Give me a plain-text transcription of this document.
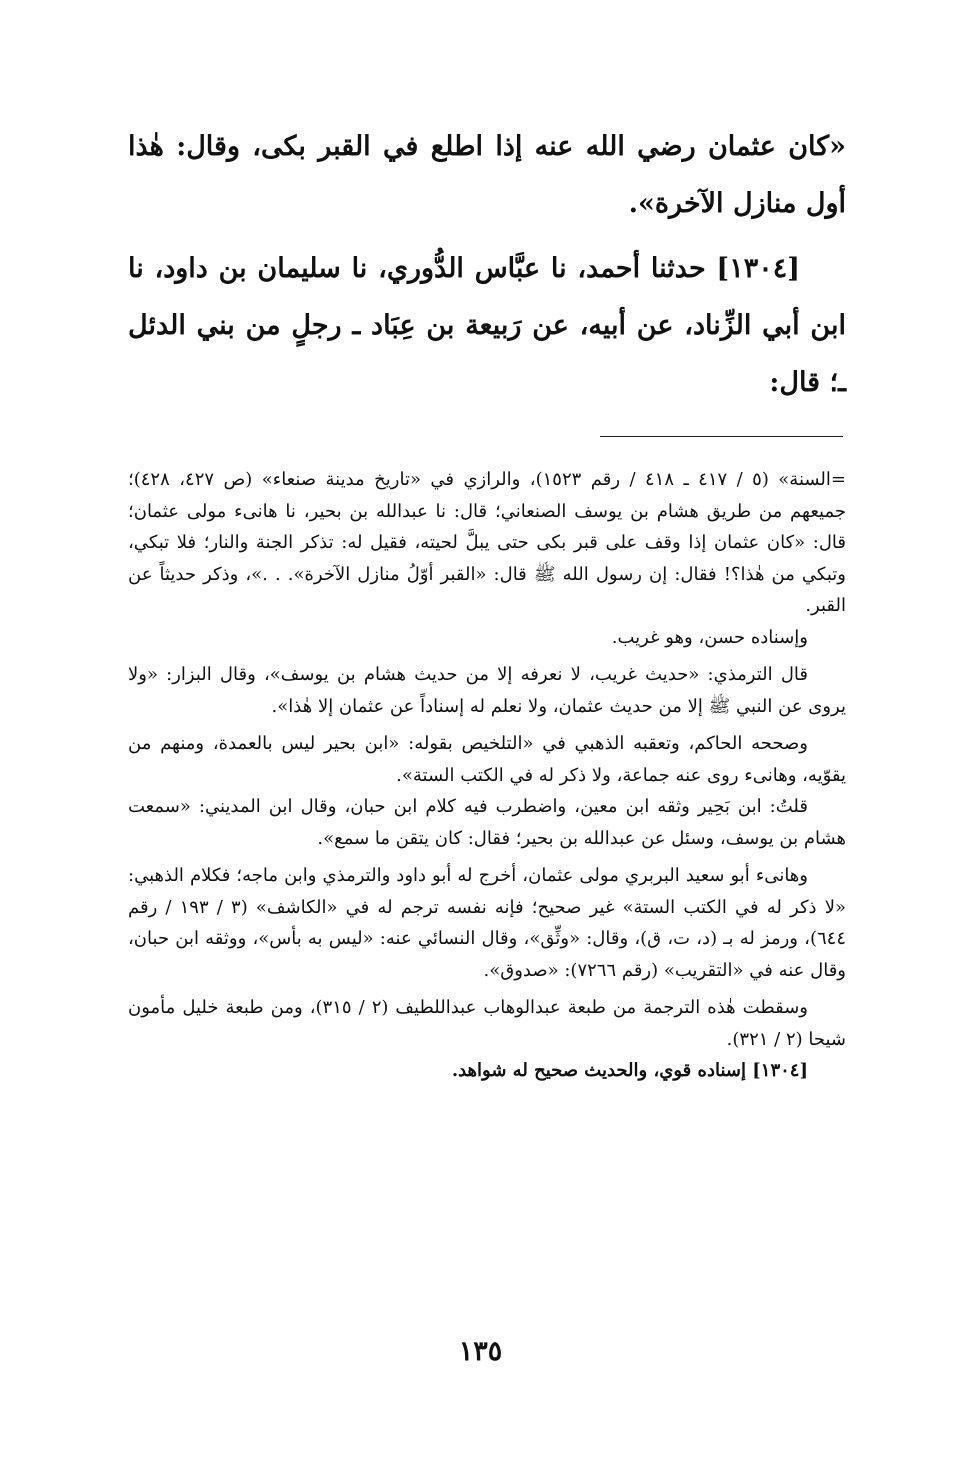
«كان عثمان رضي الله عنه إذا اطلع في القبر بكى، وقال: هٰذا أول منازل الآخرة».

[١٣٠٤] حدثنا أحمد، نا عبَّاس الدُّوري، نا سليمان بن داود، نا ابن أبي الزِّناد، عن أبيه، عن رَبيعة بن عِبَاد ـ رجلٍ من بني الدئل ـ؛ قال:

=السنة» (٥ / ٤١٧ ـ ٤١٨ / رقم ١٥٢٣)، والرازي في «تاريخ مدينة صنعاء» (ص ٤٢٧، ٤٢٨)؛ جميعهم من طريق هشام بن يوسف الصنعاني؛ قال: نا عبدالله بن بحير، نا هانىء مولى عثمان؛ قال: «كان عثمان إذا وقف على قبر بكى حتى يبلَّ لحيته، فقيل له: تذكر الجنة والنار؛ فلا تبكي، وتبكي من هٰذا؟! فقال: إن رسول الله ﷺ قال: «القبر أوّلُ منازل الآخرة». . .»، وذكر حديثاً عن القبر.

وإسناده حسن، وهو غريب.

قال الترمذي: «حديث غريب، لا نعرفه إلا من حديث هشام بن يوسف»، وقال البزار: «ولا يروى عن النبي ﷺ إلا من حديث عثمان، ولا نعلم له إسناداً عن عثمان إلا هٰذا».

وصححه الحاكم، وتعقبه الذهبي في «التلخيص بقوله: «ابن بحير ليس بالعمدة، ومنهم من يقوّيه، وهانىء روى عنه جماعة، ولا ذكر له في الكتب الستة».

قلتُ: ابن بَحِير وثقه ابن معين، واضطرب فيه كلام ابن حبان، وقال ابن المديني: «سمعت هشام بن يوسف، وسئل عن عبدالله بن بحير؛ فقال: كان يتقن ما سمع».

وهانىء أبو سعيد البربري مولى عثمان، أخرج له أبو داود والترمذي وابن ماجه؛ فكلام الذهبي: «لا ذكر له في الكتب الستة» غير صحيح؛ فإنه نفسه ترجم له في «الكاشف» (٣ / ١٩٣ / رقم ٦٤٤)، ورمز له بـ (د، ت، ق)، وقال: «وثِّق»، وقال النسائي عنه: «ليس به بأس»، ووثقه ابن حبان، وقال عنه في «التقريب» (رقم ٧٢٦٦): «صدوق».

وسقطت هٰذه الترجمة من طبعة عبدالوهاب عبداللطيف (٢ / ٣١٥)، ومن طبعة خليل مأمون شيحا (٢ / ٣٢١).

[١٣٠٤] إسناده قوي، والحديث صحيح له شواهد.

١٣٥
